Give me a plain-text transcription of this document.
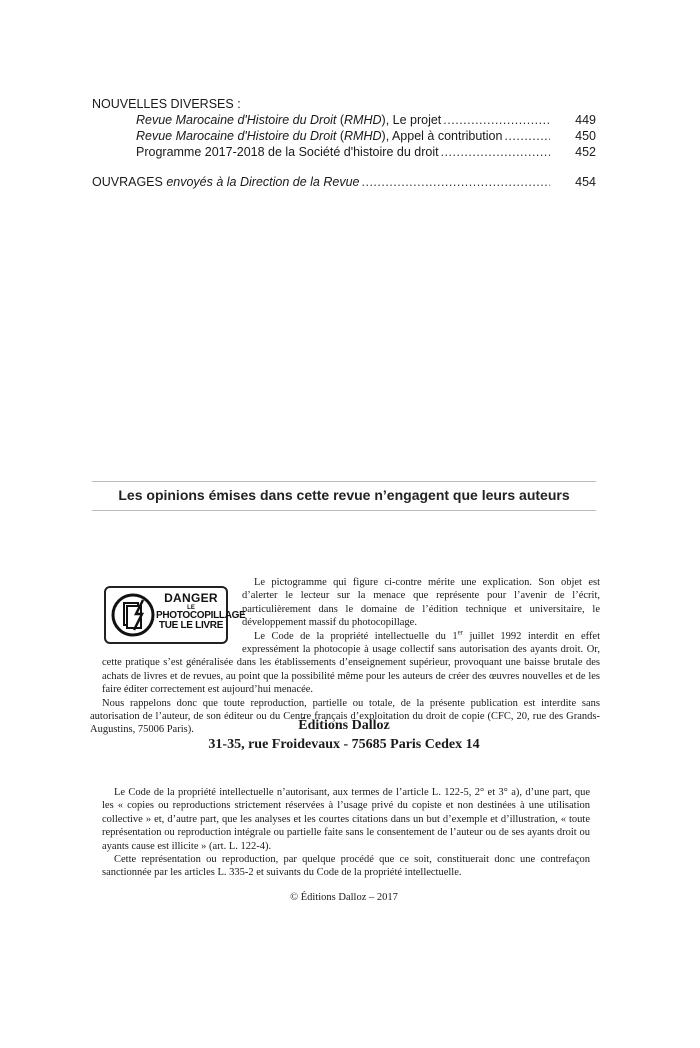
NOUVELLES DIVERSES :
Revue Marocaine d'Histoire du Droit (RMHD), Le projet .....	449
Revue Marocaine d'Histoire du Droit (RMHD), Appel à contribution .....	450
Programme 2017-2018 de la Société d'histoire du droit .....	452
OUVRAGES envoyés à la Direction de la Revue .....	454
Les opinions émises dans cette revue n’engagent que leurs auteurs
DANGER
LE
PHOTOCOPILLAGE
TUE LE LIVRE

Le pictogramme qui figure ci-contre mérite une explication. Son objet est d’alerter le lecteur sur la menace que représente pour l’avenir de l’écrit, particulièrement dans le domaine de l’édition technique et universitaire, le développement massif du photocopillage.

Le Code de la propriété intellectuelle du 1er juillet 1992 interdit en effet expressément la photocopie à usage collectif sans autorisation des ayants droit. Or, cette pratique s’est généralisée dans les établissements d’enseignement supérieur, provoquant une baisse brutale des achats de livres et de revues, au point que la possibilité même pour les auteurs de créer des œuvres nouvelles et de les faire éditer correctement est aujourd’hui menacée.

Nous rappelons donc que toute reproduction, partielle ou totale, de la présente publication est interdite sans autorisation de l’auteur, de son éditeur ou du Centre français d’exploitation du droit de copie (CFC, 20, rue des Grands-Augustins, 75006 Paris).	Éditions Dalloz
31-35, rue Froidevaux - 75685 Paris Cedex 14

Le Code de la propriété intellectuelle n’autorisant, aux termes de l’article L. 122-5, 2° et 3° a), d’une part, que les « copies ou reproductions strictement réservées à l’usage privé du copiste et non destinées à une utilisation collective » et, d’autre part, que les analyses et les courtes citations dans un but d’exemple et d’illustration, « toute représentation ou reproduction intégrale ou partielle faite sans le consentement de l’auteur ou de ses ayants droit ou ayants cause est illicite » (art. L. 122-4).

Cette représentation ou reproduction, par quelque procédé que ce soit, constituerait donc une contrefaçon sanctionnée par les articles L. 335-2 et suivants du Code de la propriété intellectuelle.

© Éditions Dalloz – 2017
